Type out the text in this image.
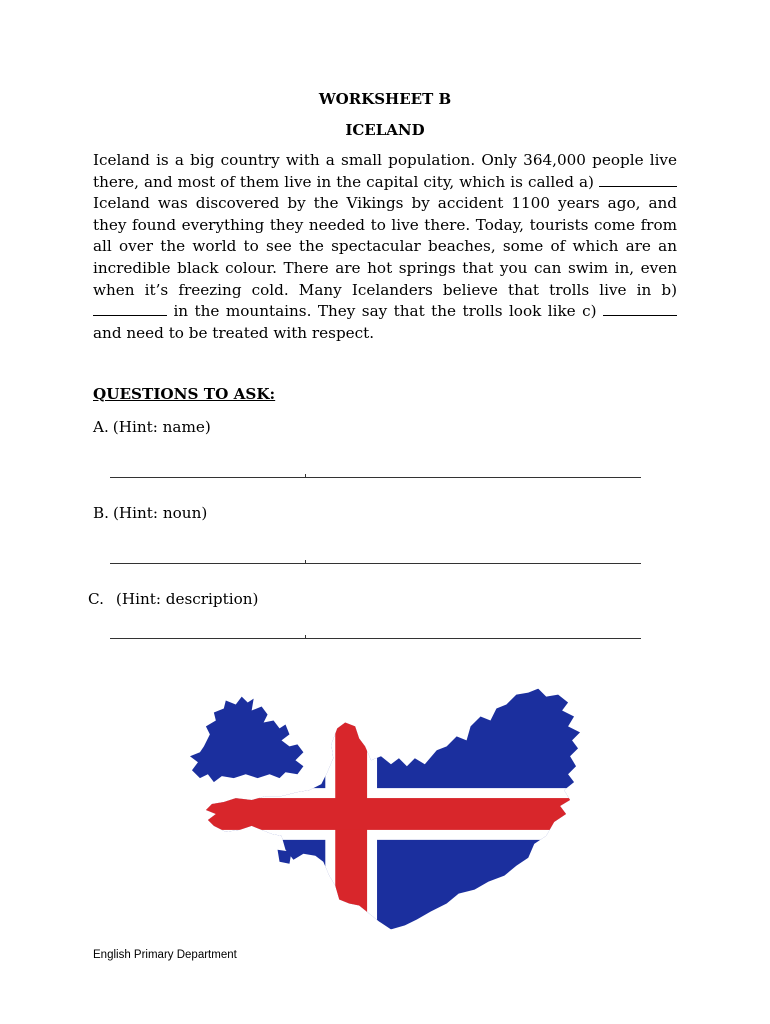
WORKSHEET B

ICELAND

Iceland is a big country with a small population. Only 364,000 people live there, and most of them live in the capital city, which is called a)  Iceland was discovered by the Vikings by accident 1100 years ago, and they found everything they needed to live there. Today, tourists come from all over the world to see the spectacular beaches, some of which are an incredible black colour. There are hot springs that you can swim in, even when it’s freezing cold. Many Icelanders believe that trolls live in b)  in the mountains. They say that the trolls look like c)  and need to be treated with respect.

QUESTIONS TO ASK:

A. (Hint: name)

B. (Hint: noun)

C. (Hint: description)

English Primary Department
